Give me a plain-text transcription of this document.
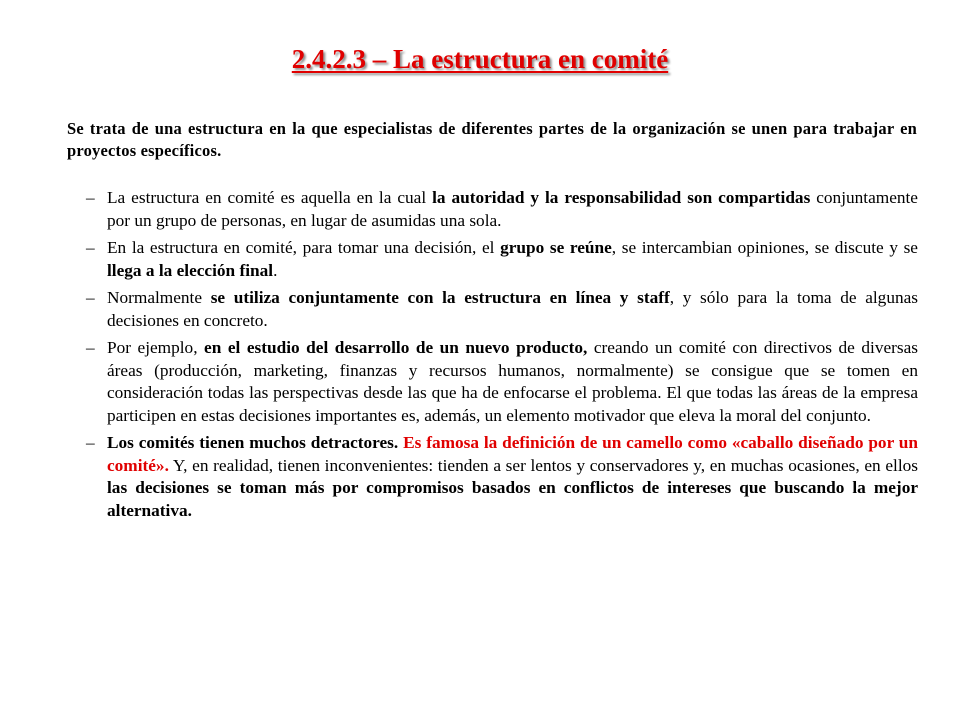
2.4.2.3 – La estructura en comité

Se trata de una estructura en la que especialistas de diferentes partes de la organización se unen para trabajar en proyectos específicos.

– La estructura en comité es aquella en la cual la autoridad y la responsabilidad son compartidas conjuntamente por un grupo de personas, en lugar de asumidas una sola.
– En la estructura en comité, para tomar una decisión, el grupo se reúne, se intercambian opiniones, se discute y se llega a la elección final.
– Normalmente se utiliza conjuntamente con la estructura en línea y staff, y sólo para la toma de algunas decisiones en concreto.
– Por ejemplo, en el estudio del desarrollo de un nuevo producto, creando un comité con directivos de diversas áreas (producción, marketing, finanzas y recursos humanos, normalmente) se consigue que se tomen en consideración todas las perspectivas desde las que ha de enfocarse el problema. El que todas las áreas de la empresa participen en estas decisiones importantes es, además, un elemento motivador que eleva la moral del conjunto.
– Los comités tienen muchos detractores. Es famosa la definición de un camello como «caballo diseñado por un comité». Y, en realidad, tienen inconvenientes: tienden a ser lentos y conservadores y, en muchas ocasiones, en ellos las decisiones se toman más por compromisos basados en conflictos de intereses que buscando la mejor alternativa.
